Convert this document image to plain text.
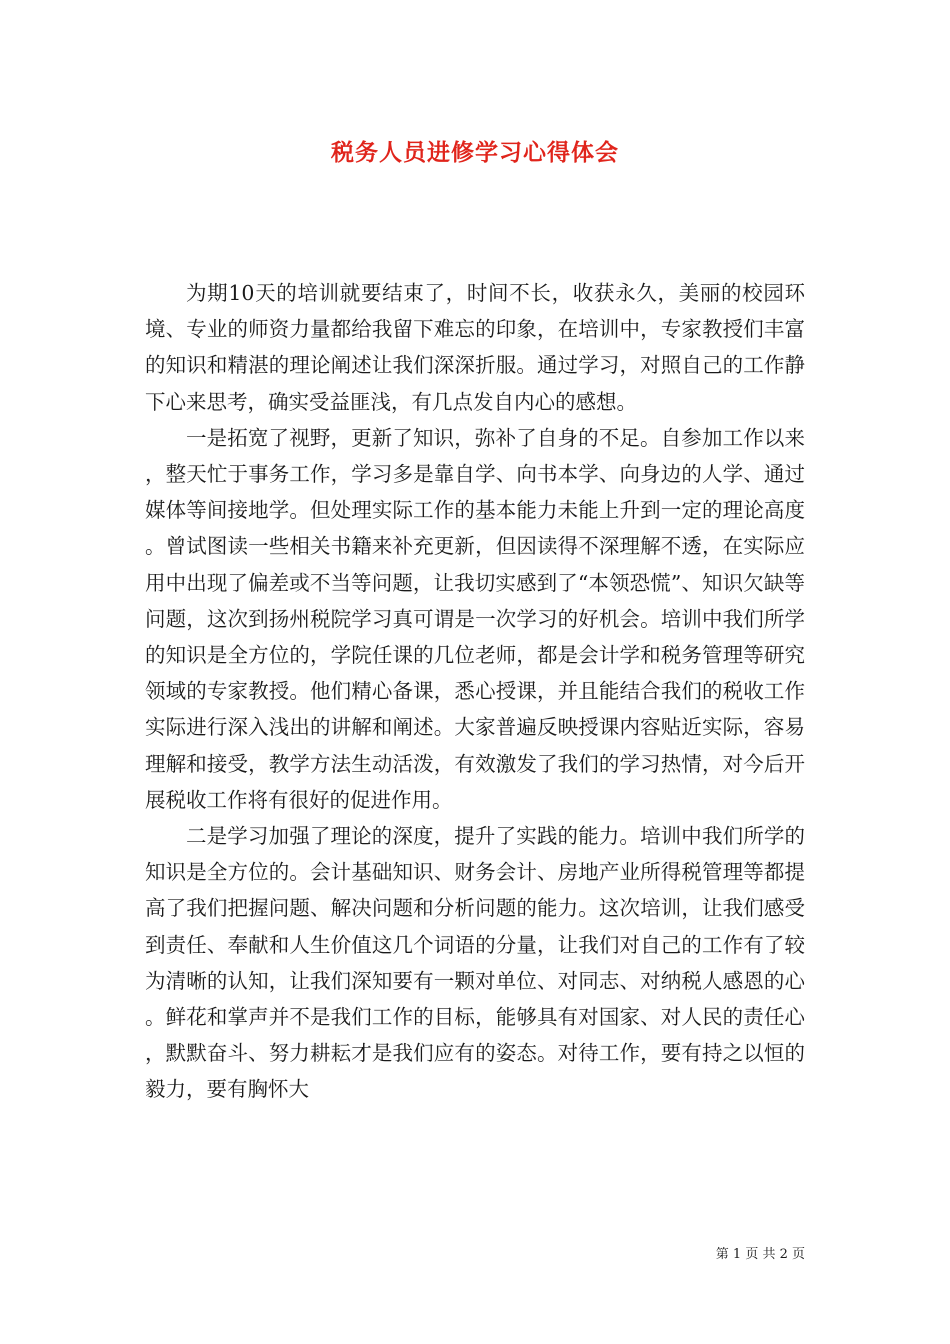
税务人员进修学习心得体会

为期10天的培训就要结束了，时间不长，收获永久，美丽的校园环境、专业的师资力量都给我留下难忘的印象，在培训中，专家教授们丰富的知识和精湛的理论阐述让我们深深折服。通过学习，对照自己的工作静下心来思考，确实受益匪浅，有几点发自内心的感想。

一是拓宽了视野，更新了知识，弥补了自身的不足。自参加工作以来，整天忙于事务工作，学习多是靠自学、向书本学、向身边的人学、通过媒体等间接地学。但处理实际工作的基本能力未能上升到一定的理论高度。曾试图读一些相关书籍来补充更新，但因读得不深理解不透，在实际应用中出现了偏差或不当等问题，让我切实感到了“本领恐慌”、知识欠缺等问题，这次到扬州税院学习真可谓是一次学习的好机会。培训中我们所学的知识是全方位的，学院任课的几位老师，都是会计学和税务管理等研究领域的专家教授。他们精心备课，悉心授课，并且能结合我们的税收工作实际进行深入浅出的讲解和阐述。大家普遍反映授课内容贴近实际，容易理解和接受，教学方法生动活泼，有效激发了我们的学习热情，对今后开展税收工作将有很好的促进作用。

二是学习加强了理论的深度，提升了实践的能力。培训中我们所学的知识是全方位的。会计基础知识、财务会计、房地产业所得税管理等都提高了我们把握问题、解决问题和分析问题的能力。这次培训，让我们感受到责任、奉献和人生价值这几个词语的分量，让我们对自己的工作有了较为清晰的认知，让我们深知要有一颗对单位、对同志、对纳税人感恩的心。鲜花和掌声并不是我们工作的目标，能够具有对国家、对人民的责任心，默默奋斗、努力耕耘才是我们应有的姿态。对待工作，要有持之以恒的毅力，要有胸怀大

第 1 页 共 2 页
